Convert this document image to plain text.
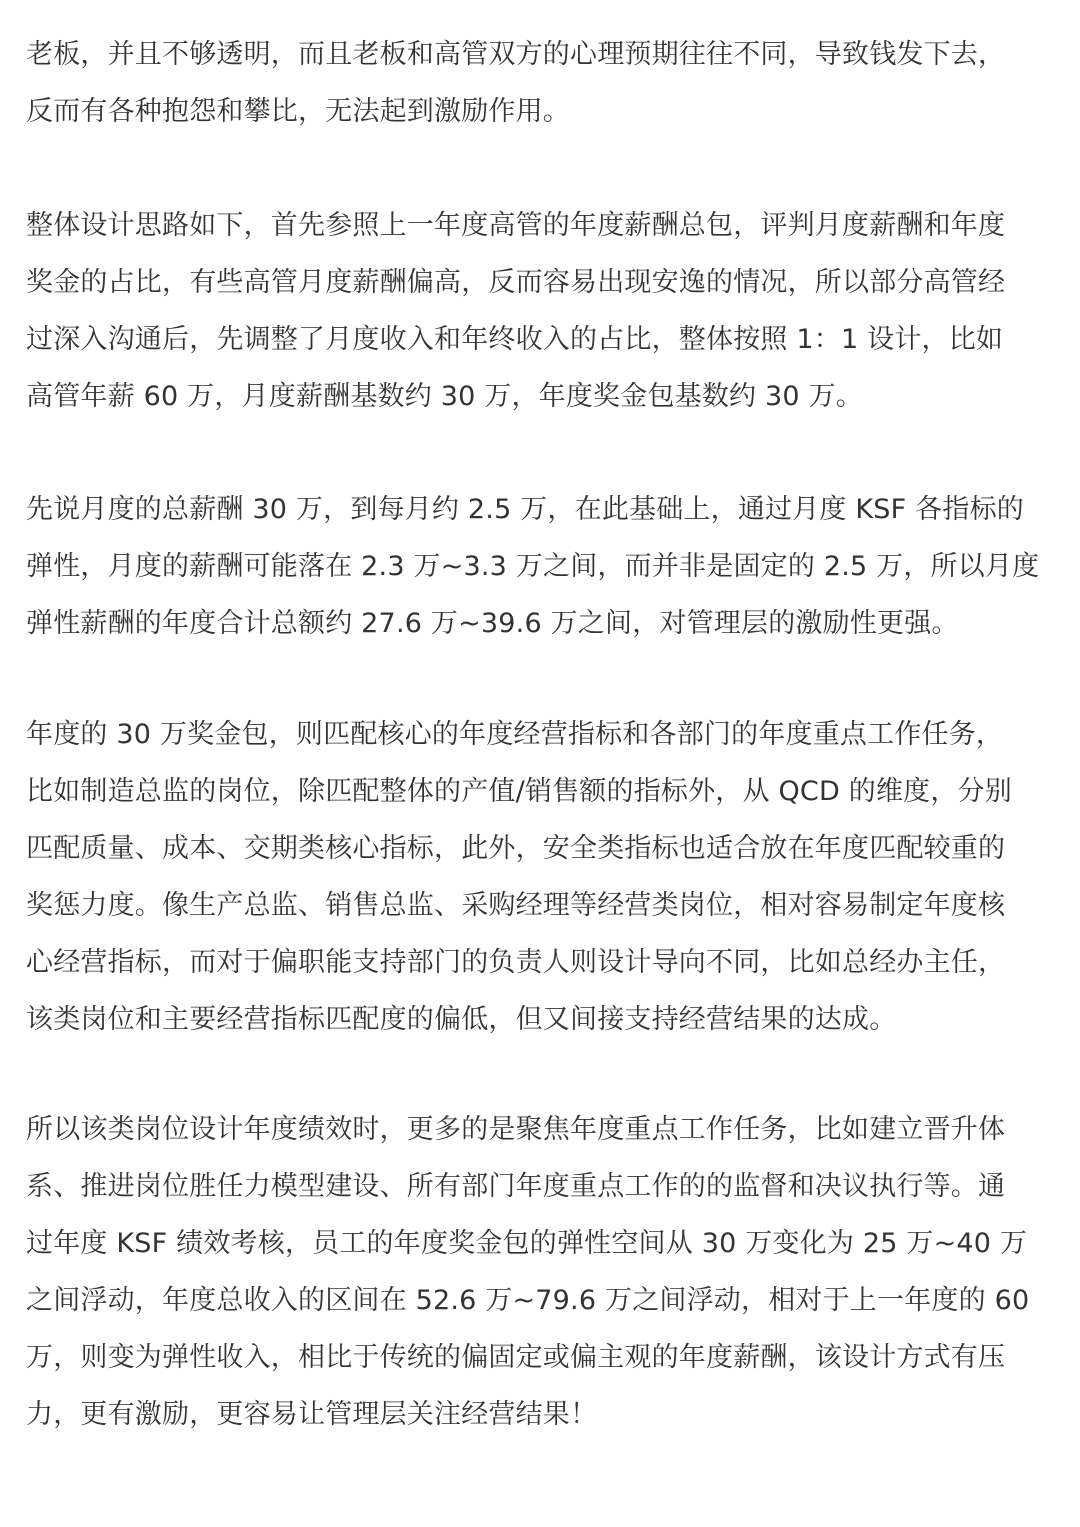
老板，并且不够透明，而且老板和高管双方的心理预期往往不同，导致钱发下去，
反而有各种抱怨和攀比，无法起到激励作用。
整体设计思路如下，首先参照上一年度高管的年度薪酬总包，评判月度薪酬和年度
奖金的占比，有些高管月度薪酬偏高，反而容易出现安逸的情况，所以部分高管经
过深入沟通后，先调整了月度收入和年终收入的占比，整体按照 1：1 设计，比如
高管年薪 60 万，月度薪酬基数约 30 万，年度奖金包基数约 30 万。
先说月度的总薪酬 30 万，到每月约 2.5 万，在此基础上，通过月度 KSF 各指标的
弹性，月度的薪酬可能落在 2.3 万~3.3 万之间，而并非是固定的 2.5 万，所以月度
弹性薪酬的年度合计总额约 27.6 万~39.6 万之间，对管理层的激励性更强。
年度的 30 万奖金包，则匹配核心的年度经营指标和各部门的年度重点工作任务，
比如制造总监的岗位，除匹配整体的产值/销售额的指标外，从 QCD 的维度，分别
匹配质量、成本、交期类核心指标，此外，安全类指标也适合放在年度匹配较重的
奖惩力度。像生产总监、销售总监、采购经理等经营类岗位，相对容易制定年度核
心经营指标，而对于偏职能支持部门的负责人则设计导向不同，比如总经办主任，
该类岗位和主要经营指标匹配度的偏低，但又间接支持经营结果的达成。
所以该类岗位设计年度绩效时，更多的是聚焦年度重点工作任务，比如建立晋升体
系、推进岗位胜任力模型建设、所有部门年度重点工作的的监督和决议执行等。通
过年度 KSF 绩效考核，员工的年度奖金包的弹性空间从 30 万变化为 25 万~40 万
之间浮动，年度总收入的区间在 52.6 万~79.6 万之间浮动，相对于上一年度的 60
万，则变为弹性收入，相比于传统的偏固定或偏主观的年度薪酬，该设计方式有压
力，更有激励，更容易让管理层关注经营结果！
